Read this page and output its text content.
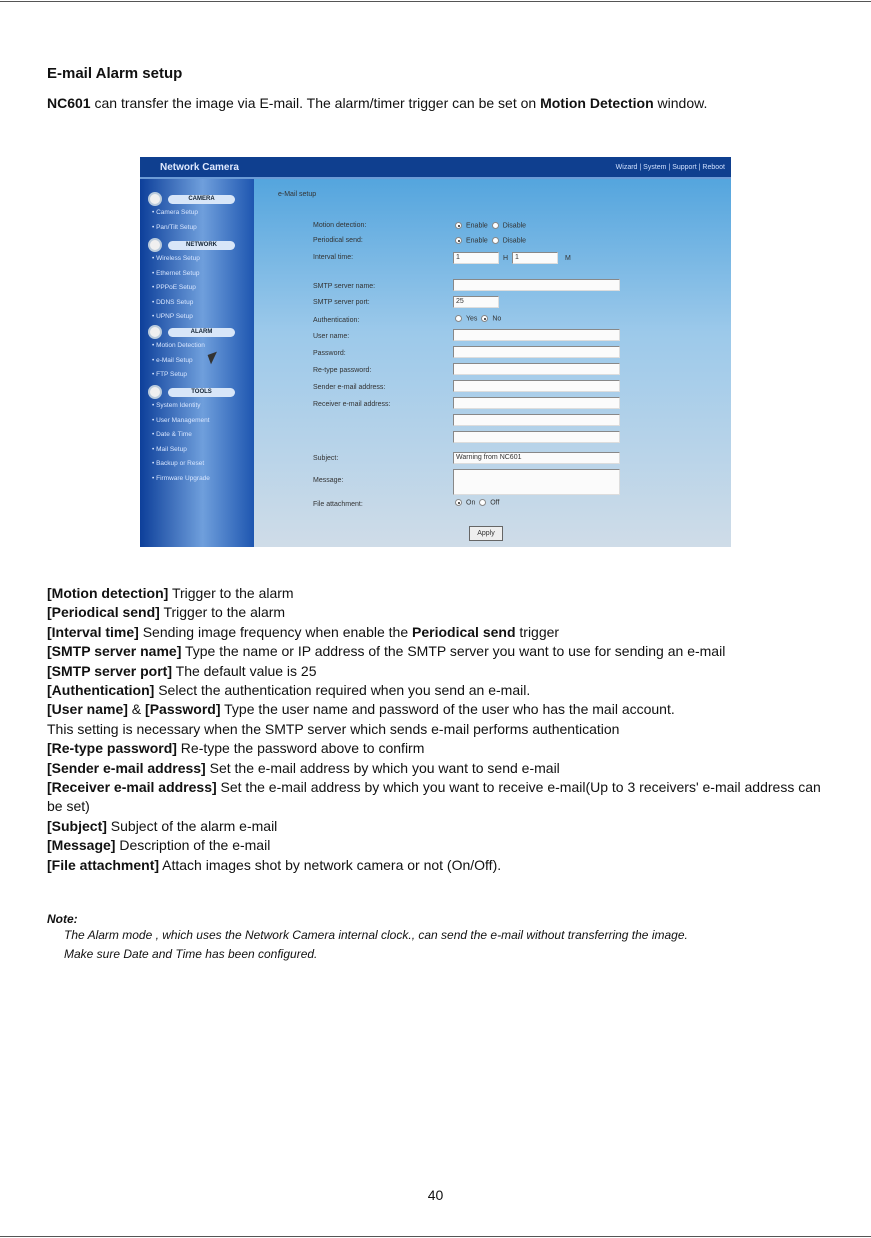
E-mail Alarm setup
NC601 can transfer the image via E-mail. The alarm/timer trigger can be set on Motion Detection window.
Network Camera	Wizard | System | Support | Reboot
CAMERA
• Camera Setup
• Pan/Tilt Setup
NETWORK
• Wireless Setup
• Ethernet Setup
• PPPoE Setup
• DDNS Setup
• UPNP Setup
ALARM
• Motion Detection
• e-Mail Setup
• FTP Setup
TOOLS
• System Identity
• User Management
• Date & Time
• Mail Setup
• Backup or Reset
• Firmware Upgrade
e-Mail setup
Motion detection:	Enable Disable
Periodical send:	Enable Disable
Interval time:	1	H 1	M
SMTP server name:
SMTP server port:	25
Authentication:	Yes No
User name:
Password:
Re-type password:
Sender e-mail address:
Receiver e-mail address:
Subject:	Warning from NC601
Message:
File attachment:	On Off
Apply
[Motion detection] Trigger to the alarm
[Periodical send] Trigger to the alarm
[Interval time] Sending image frequency when enable the Periodical send trigger
[SMTP server name] Type the name or IP address of the SMTP server you want to use for sending an e-mail
[SMTP server port] The default value is 25
[Authentication] Select the authentication required when you send an e-mail.
[User name] & [Password] Type the user name and password of the user who has the mail account.
This setting is necessary when the SMTP server which sends e-mail performs authentication
[Re-type password] Re-type the password above to confirm
[Sender e-mail address] Set the e-mail address by which you want to send e-mail
[Receiver e-mail address] Set the e-mail address by which you want to receive e-mail(Up to 3 receivers' e-mail address can be set)
[Subject] Subject of the alarm e-mail
[Message] Description of the e-mail
[File attachment] Attach images shot by network camera or not (On/Off).
Note:

The Alarm mode , which uses the Network Camera internal clock., can send the e-mail without transferring the image.

Make sure Date and Time has been configured.

40
